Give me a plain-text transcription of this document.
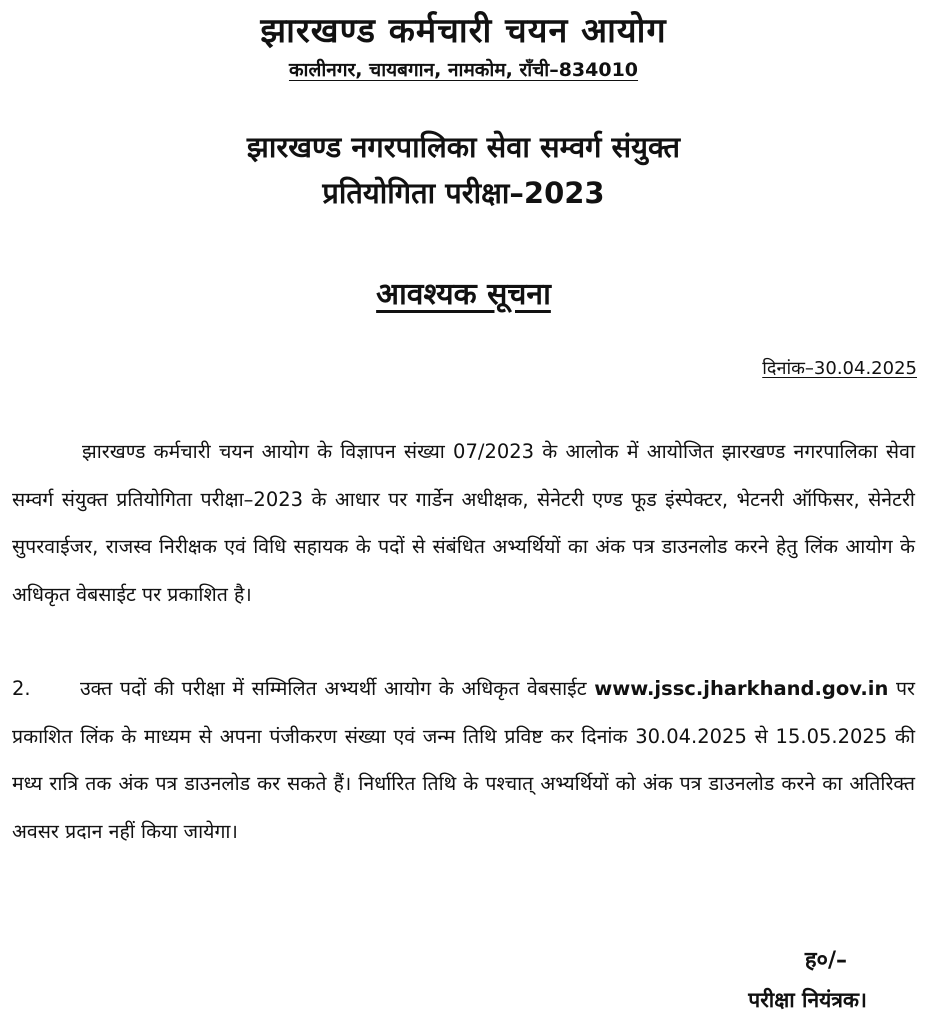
झारखण्ड कर्मचारी चयन आयोग
कालीनगर, चायबगान, नामकोम, राँची–834010
झारखण्ड नगरपालिका सेवा सम्वर्ग संयुक्त
प्रतियोगिता परीक्षा–2023
आवश्यक सूचना
दिनांक–30.04.2025

झारखण्ड कर्मचारी चयन आयोग के विज्ञापन संख्या 07/2023 के आलोक में आयोजित झारखण्ड नगरपालिका सेवा सम्वर्ग संयुक्त प्रतियोगिता परीक्षा–2023 के आधार पर गार्डेन अधीक्षक, सेनेटरी एण्ड फूड इंस्पेक्टर, भेटनरी ऑफिसर, सेनेटरी सुपरवाईजर, राजस्व निरीक्षक एवं विधि सहायक के पदों से संबंधित अभ्यर्थियों का अंक पत्र डाउनलोड करने हेतु लिंक आयोग के अधिकृत वेबसाईट पर प्रकाशित है।

2.	उक्त पदों की परीक्षा में सम्मिलित अभ्यर्थी आयोग के अधिकृत वेबसाईट www.jssc.jharkhand.gov.in पर प्रकाशित लिंक के माध्यम से अपना पंजीकरण संख्या एवं जन्म तिथि प्रविष्ट कर दिनांक 30.04.2025 से 15.05.2025 की मध्य रात्रि तक अंक पत्र डाउनलोड कर सकते हैं। निर्धारित तिथि के पश्चात् अभ्यर्थियों को अंक पत्र डाउनलोड करने का अतिरिक्त अवसर प्रदान नहीं किया जायेगा।

ह०/–
परीक्षा नियंत्रक।
